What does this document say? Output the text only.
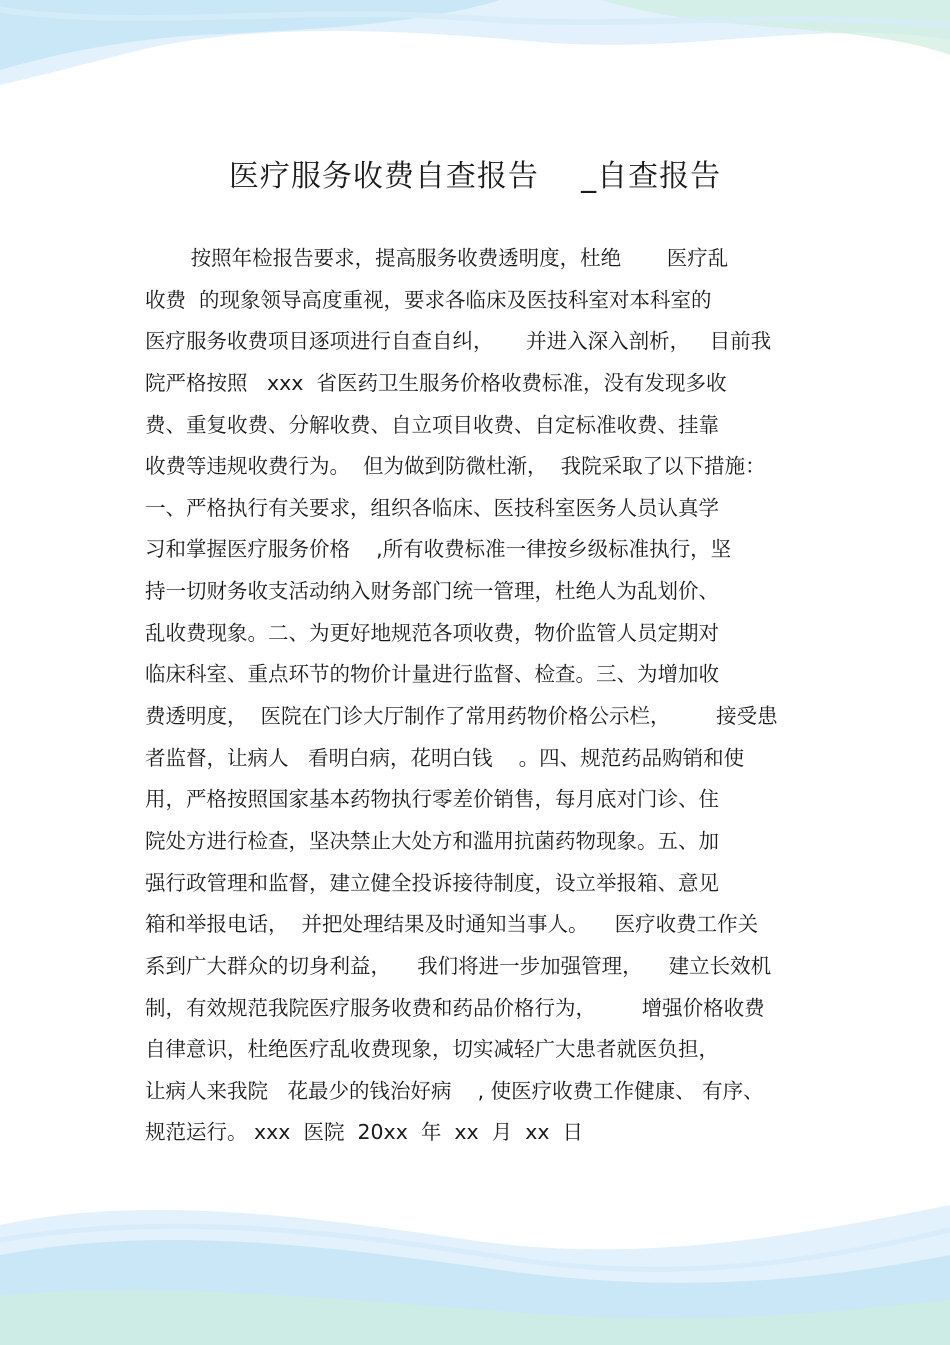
医疗服务收费自查报告    _自查报告

按照年检报告要求，提高服务收费透明度，杜绝       医疗乱

收费  的现象领导高度重视，要求各临床及医技科室对本科室的

医疗服务收费项目逐项进行自查自纠，     并进入深入剖析，   目前我

院严格按照   xxx  省医药卫生服务价格收费标准，没有发现多收

费、重复收费、分解收费、自立项目收费、自定标准收费、挂靠

收费等违规收费行为。  但为做到防微杜渐，  我院采取了以下措施：

一、严格执行有关要求，组织各临床、医技科室医务人员认真学

习和掌握医疗服务价格    ,所有收费标准一律按乡级标准执行，坚

持一切财务收支活动纳入财务部门统一管理，杜绝人为乱划价、

乱收费现象。二、为更好地规范各项收费，物价监管人员定期对

临床科室、重点环节的物价计量进行监督、检查。三、为增加收

费透明度，  医院在门诊大厅制作了常用药物价格公示栏，       接受患

者监督，让病人   看明白病，花明白钱    。四、规范药品购销和使

用，严格按照国家基本药物执行零差价销售，每月底对门诊、住

院处方进行检查，坚决禁止大处方和滥用抗菌药物现象。五、加

强行政管理和监督，建立健全投诉接待制度，设立举报箱、意见

箱和举报电话，  并把处理结果及时通知当事人。    医疗收费工作关

系到广大群众的切身利益，    我们将进一步加强管理，    建立长效机

制，有效规范我院医疗服务收费和药品价格行为，       增强价格收费

自律意识，杜绝医疗乱收费现象，切实减轻广大患者就医负担，

让病人来我院   花最少的钱治好病    , 使医疗收费工作健康、 有序、

规范运行。 xxx  医院  20xx  年  xx  月  xx  日
